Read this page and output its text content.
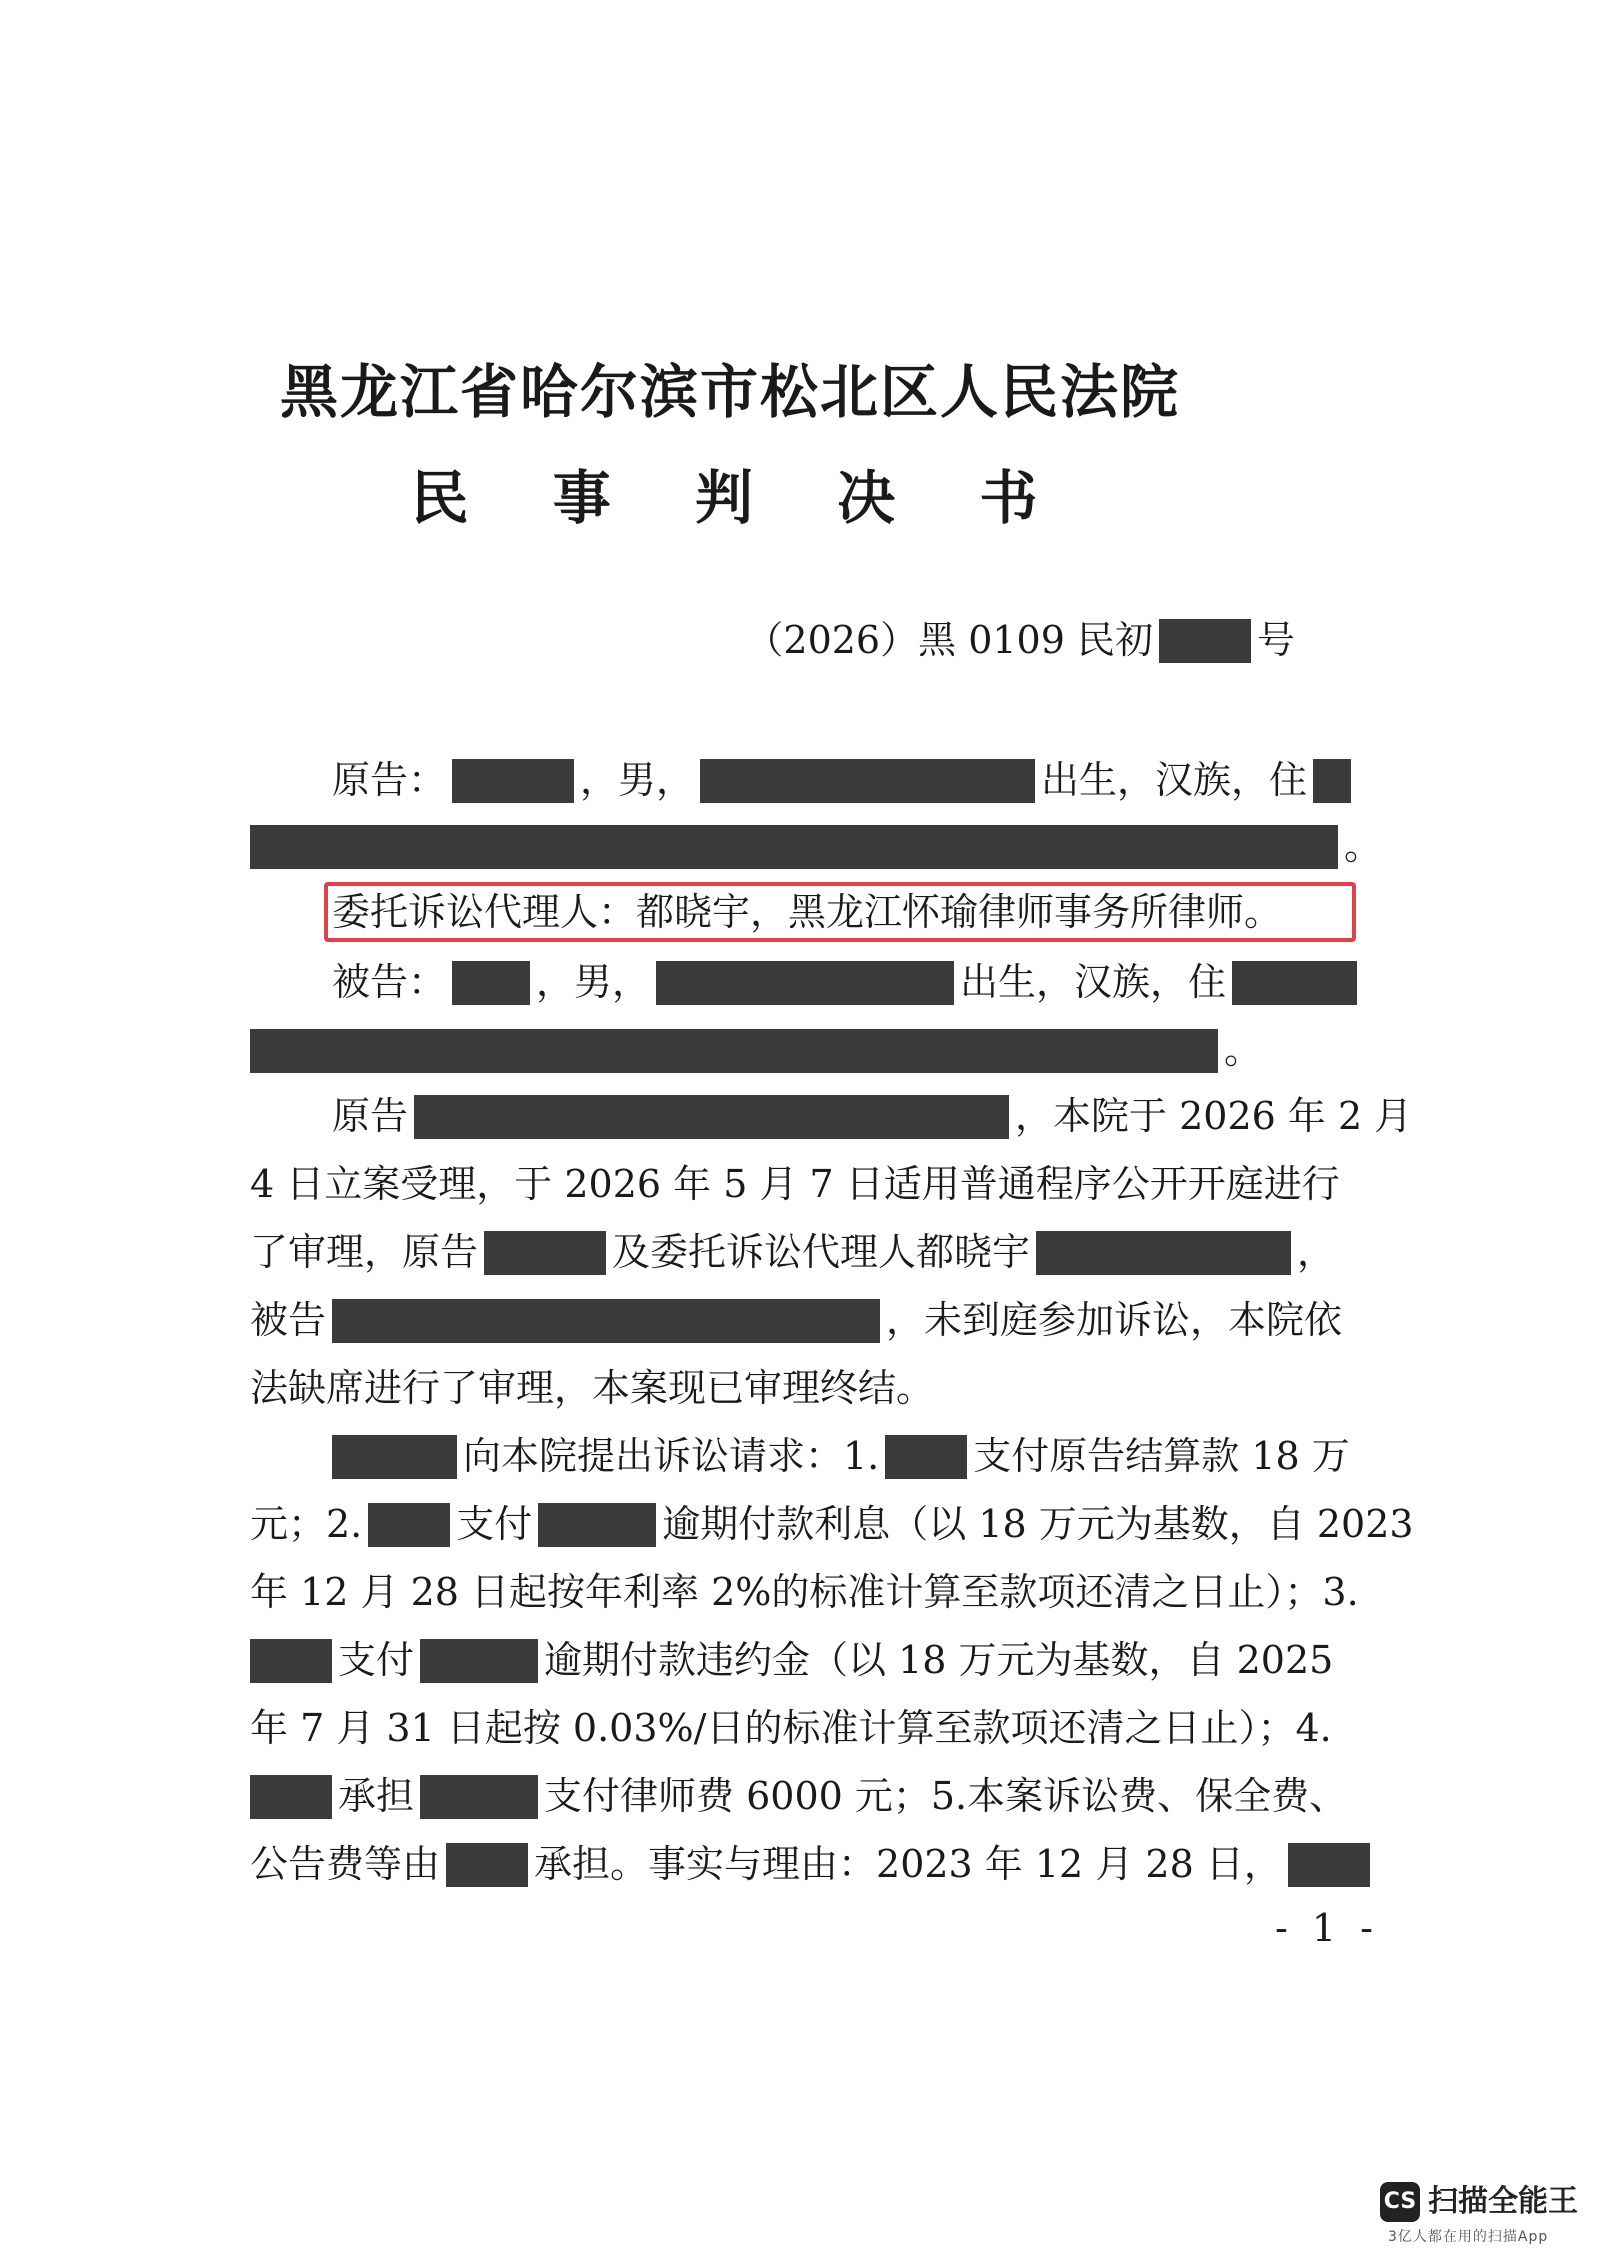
黑龙江省哈尔滨市松北区人民法院
民 事 判 决 书
（2026）黑 0109 民初	号
原告：	，男，	出生，汉族，住
。
委托诉讼代理人：都晓宇，黑龙江怀瑜律师事务所律师。
被告： ，男，	出生，汉族，住
。
原告	，本院于 2026 年 2 月
4 日立案受理，于 2026 年 5 月 7 日适用普通程序公开开庭进行
了审理，原告	及委托诉讼代理人都晓宇	，
被告	，未到庭参加诉讼，本院依
法缺席进行了审理，本案现已审理终结。
向本院提出诉讼请求：1. 支付原告结算款 18 万
元；2. 支付	逾期付款利息（以 18 万元为基数，自 2023
年 12 月 28 日起按年利率 2%的标准计算至款项还清之日止）；3.
支付	逾期付款违约金（以 18 万元为基数，自 2025
年 7 月 31 日起按 0.03%/日的标准计算至款项还清之日止）；4.
承担	支付律师费 6000 元；5.本案诉讼费、保全费、
公告费等由 承担。事实与理由：2023 年 12 月 28 日，
- 1 -
CS 扫描全能王
3亿人都在用的扫描App
